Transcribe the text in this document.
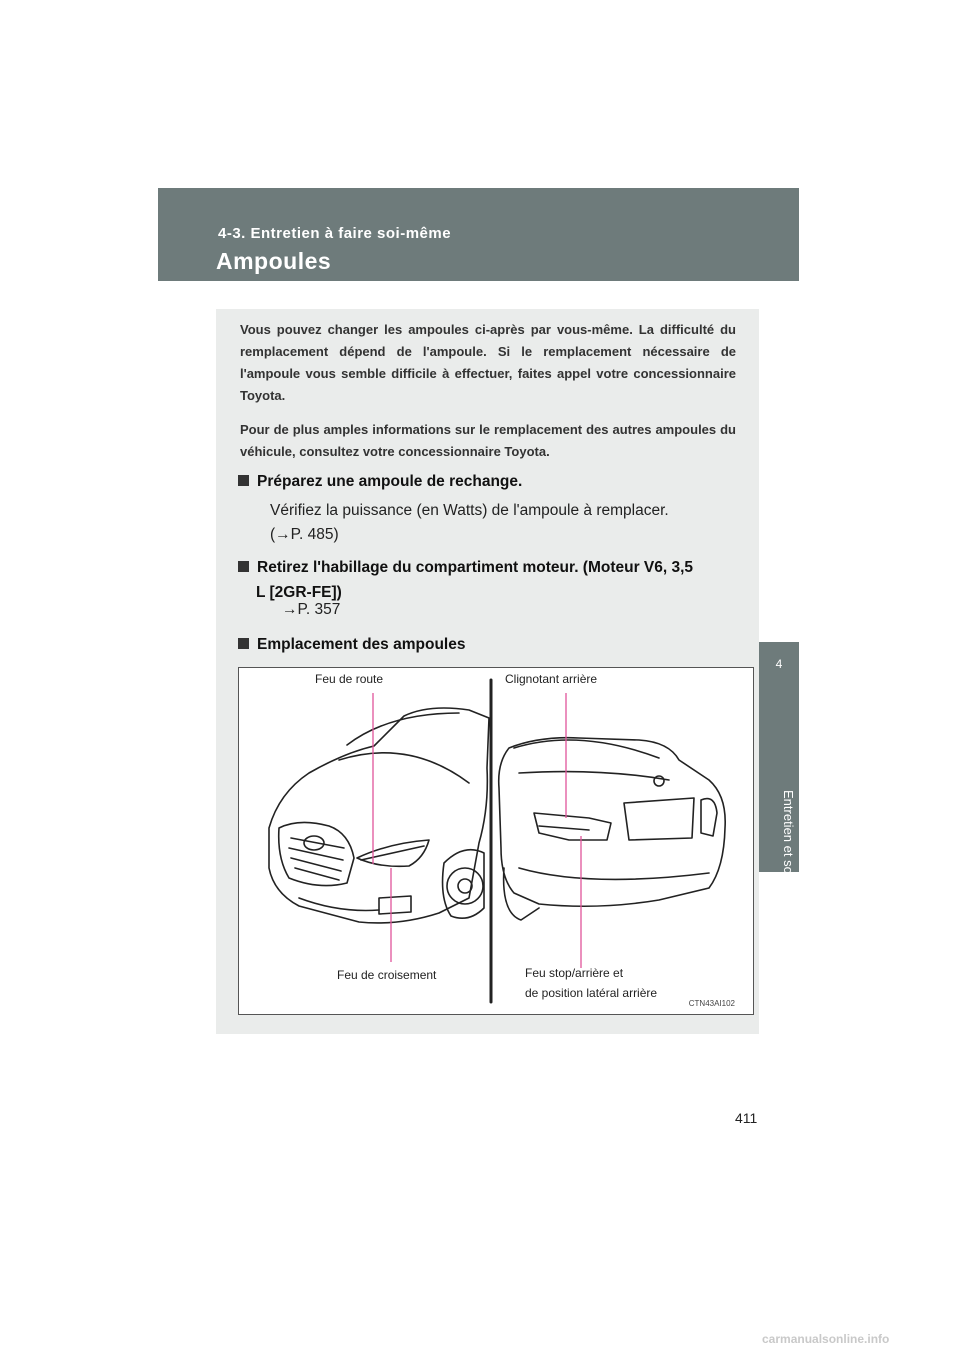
4-3. Entretien à faire soi-même
Ampoules
4
Entretien et soin
Vous pouvez changer les ampoules ci-après par vous-même. La difficulté du remplacement dépend de l'ampoule. Si le remplacement nécessaire de l'ampoule vous semble difficile à effectuer, faites appel votre concessionnaire Toyota.
Pour de plus amples informations sur le remplacement des autres ampoules du véhicule, consultez votre concessionnaire Toyota.
Préparez une ampoule de rechange.
Vérifiez la puissance (en Watts) de l'ampoule à remplacer.
(→P. 485)
Retirez l'habillage du compartiment moteur. (Moteur V6, 3,5
L [2GR-FE])
→P. 357
Emplacement des ampoules
Feu de route	Clignotant arrière
Feu de croisement	Feu stop/arrière et
de position latéral arrière
CTN43AI102
411
carmanualsonline.info
